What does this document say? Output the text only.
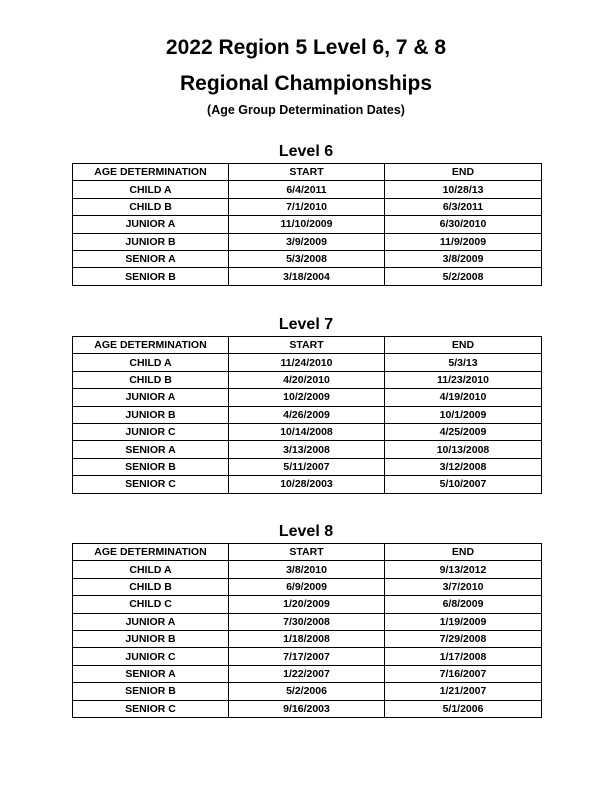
2022 Region 5 Level 6, 7 & 8
Regional Championships
(Age Group Determination Dates)
Level 6
AGE DETERMINATION	START	END
CHILD A	6/4/2011	10/28/13
CHILD B	7/1/2010	6/3/2011
JUNIOR A	11/10/2009	6/30/2010
JUNIOR B	3/9/2009	11/9/2009
SENIOR A	5/3/2008	3/8/2009
SENIOR B	3/18/2004	5/2/2008
Level 7
AGE DETERMINATION	START	END
CHILD A	11/24/2010	5/3/13
CHILD B	4/20/2010	11/23/2010
JUNIOR A	10/2/2009	4/19/2010
JUNIOR B	4/26/2009	10/1/2009
JUNIOR C	10/14/2008	4/25/2009
SENIOR A	3/13/2008	10/13/2008
SENIOR B	5/11/2007	3/12/2008
SENIOR C	10/28/2003	5/10/2007
Level 8
AGE DETERMINATION	START	END
CHILD A	3/8/2010	9/13/2012
CHILD B	6/9/2009	3/7/2010
CHILD C	1/20/2009	6/8/2009
JUNIOR A	7/30/2008	1/19/2009
JUNIOR B	1/18/2008	7/29/2008
JUNIOR C	7/17/2007	1/17/2008
SENIOR A	1/22/2007	7/16/2007
SENIOR B	5/2/2006	1/21/2007
SENIOR C	9/16/2003	5/1/2006
